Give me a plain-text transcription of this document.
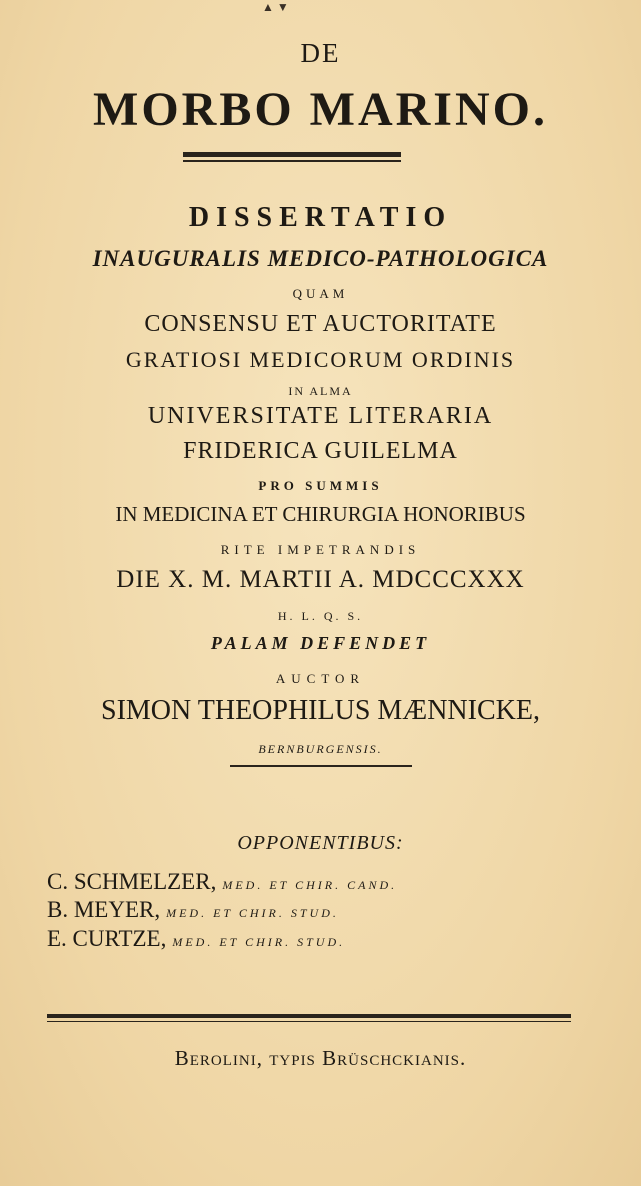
▲ ▼
DE
MORBO MARINO.
DISSERTATIO
INAUGURALIS MEDICO-PATHOLOGICA
QUAM
CONSENSU ET AUCTORITATE
GRATIOSI MEDICORUM ORDINIS
IN ALMA
UNIVERSITATE LITERARIA
FRIDERICA GUILELMA
PRO SUMMIS
IN MEDICINA ET CHIRURGIA HONORIBUS
RITE IMPETRANDIS
DIE X. M. MARTII A. MDCCCXXX
H. L. Q. S.
PALAM DEFENDET
AUCTOR
SIMON THEOPHILUS MÆNNICKE,
BERNBURGENSIS.
OPPONENTIBUS:
C. SCHMELZER, MED. ET CHIR. CAND.
B. MEYER, MED. ET CHIR. STUD.
E. CURTZE, MED. ET CHIR. STUD.
Berolini, typis Brüschckianis.
